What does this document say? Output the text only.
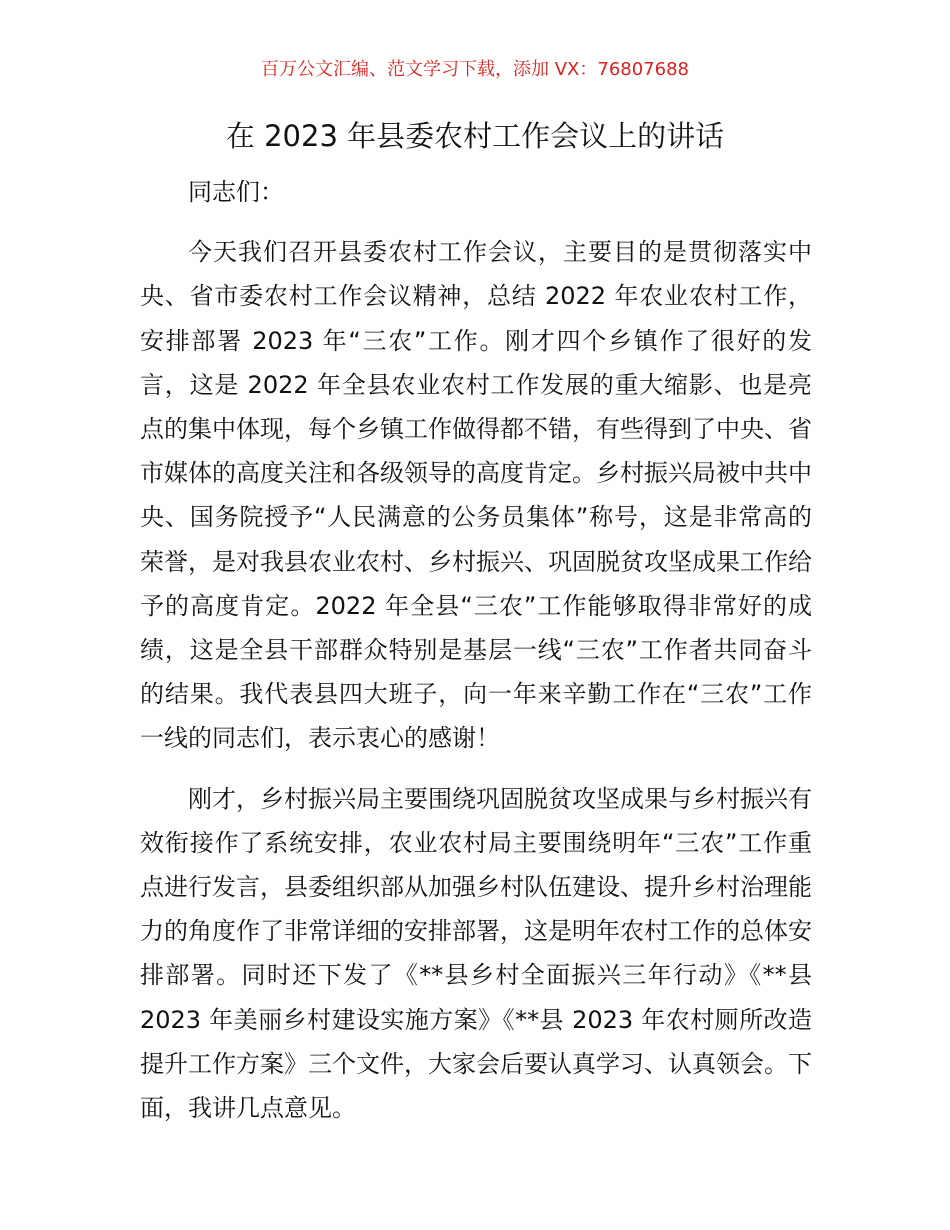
百万公文汇编、范文学习下载，添加 VX：76807688
在 2023 年县委农村工作会议上的讲话

同志们：

今天我们召开县委农村工作会议，主要目的是贯彻落实中央、省市委农村工作会议精神，总结 2022 年农业农村工作，安排部署 2023 年“三农”工作。刚才四个乡镇作了很好的发言，这是 2022 年全县农业农村工作发展的重大缩影、也是亮点的集中体现，每个乡镇工作做得都不错，有些得到了中央、省市媒体的高度关注和各级领导的高度肯定。乡村振兴局被中共中央、国务院授予“人民满意的公务员集体”称号，这是非常高的荣誉，是对我县农业农村、乡村振兴、巩固脱贫攻坚成果工作给予的高度肯定。2022 年全县“三农”工作能够取得非常好的成绩，这是全县干部群众特别是基层一线“三农”工作者共同奋斗的结果。我代表县四大班子，向一年来辛勤工作在“三农”工作一线的同志们，表示衷心的感谢！

刚才，乡村振兴局主要围绕巩固脱贫攻坚成果与乡村振兴有效衔接作了系统安排，农业农村局主要围绕明年“三农”工作重点进行发言，县委组织部从加强乡村队伍建设、提升乡村治理能力的角度作了非常详细的安排部署，这是明年农村工作的总体安排部署。同时还下发了《**县乡村全面振兴三年行动》《**县 2023 年美丽乡村建设实施方案》《**县 2023 年农村厕所改造提升工作方案》三个文件，大家会后要认真学习、认真领会。下面，我讲几点意见。
